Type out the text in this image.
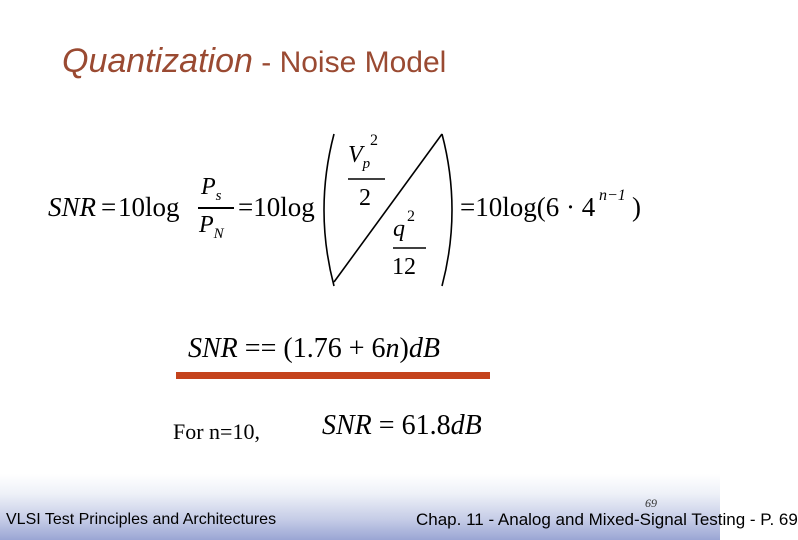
Quantization - Noise Model
SNR = 10log
$P_s$
$P_N$
=10log
$V_p$
2
2
q 2
12
=10log(6 · 4 n−1 )
SNR == (1.76 + 6n)dB
For n=10, SNR = 61.8dB
69
VLSI Test Principles and Architectures	Chap. 11 - Analog and Mixed-Signal Testing - P. 69
